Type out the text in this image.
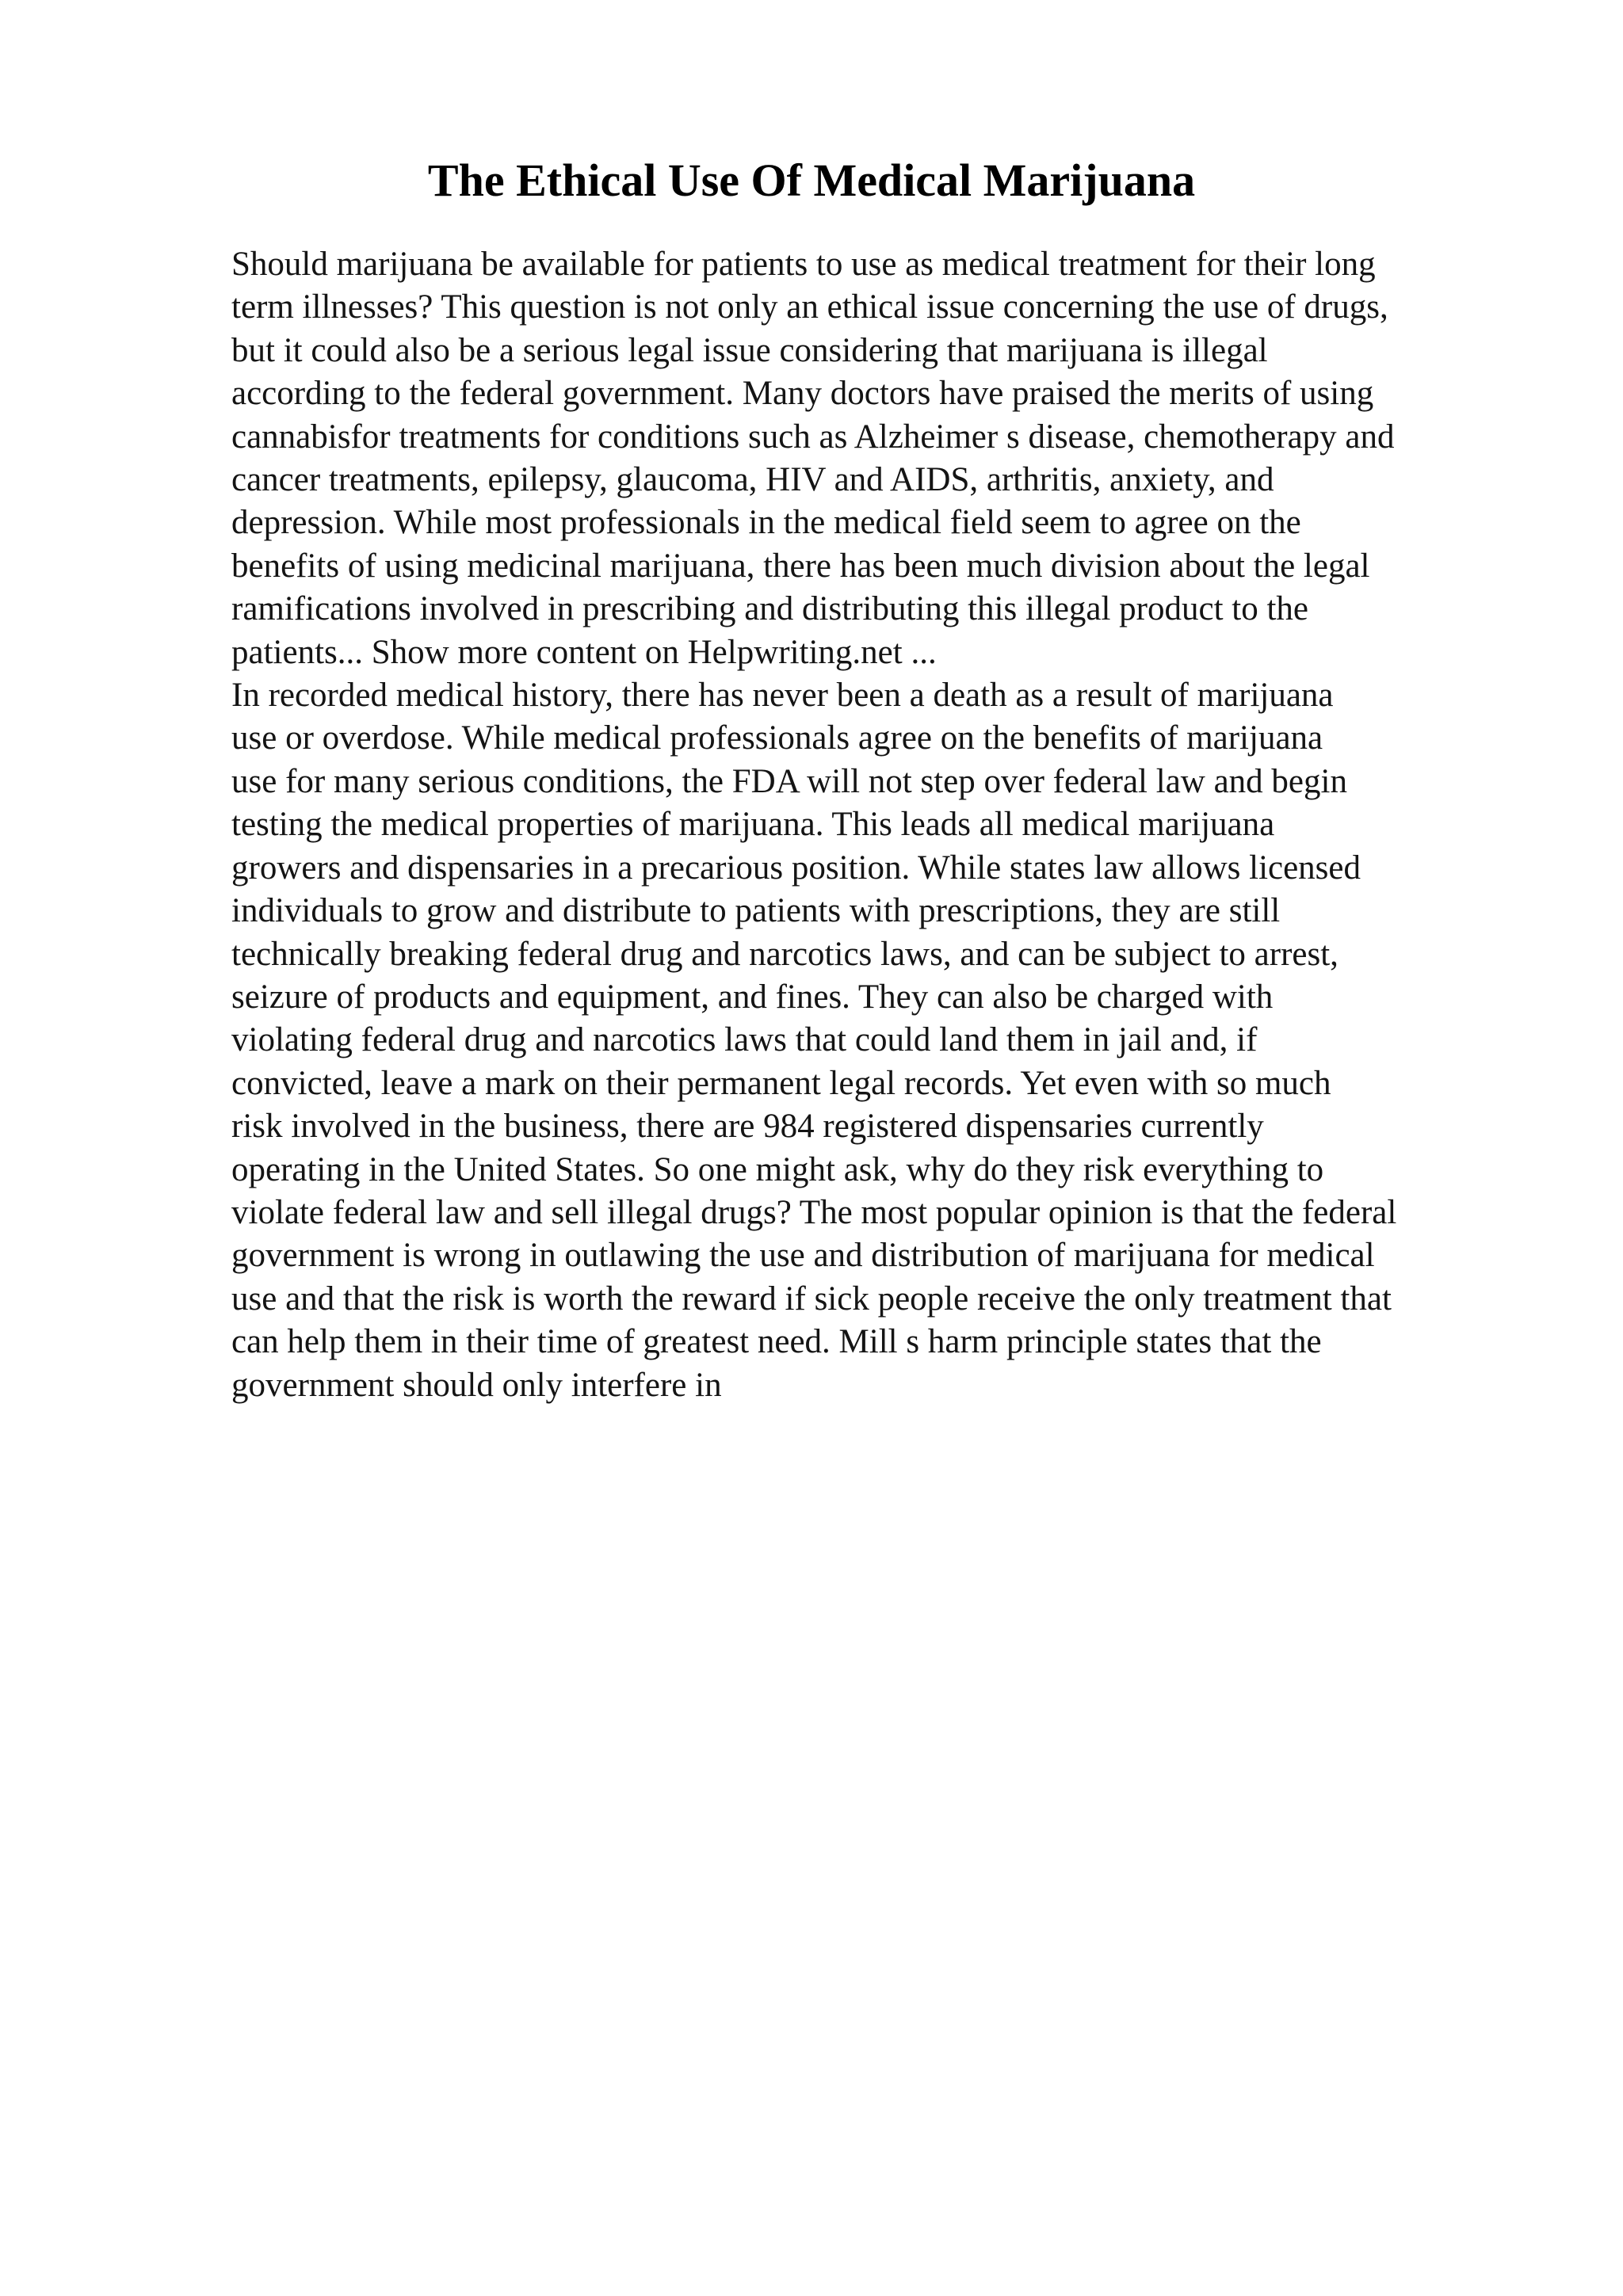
The Ethical Use Of Medical Marijuana
Should marijuana be available for patients to use as medical treatment for their long
term illnesses? This question is not only an ethical issue concerning the use of drugs,
but it could also be a serious legal issue considering that marijuana is illegal
according to the federal government. Many doctors have praised the merits of using
cannabisfor treatments for conditions such as Alzheimer s disease, chemotherapy and
cancer treatments, epilepsy, glaucoma, HIV and AIDS, arthritis, anxiety, and
depression. While most professionals in the medical field seem to agree on the
benefits of using medicinal marijuana, there has been much division about the legal
ramifications involved in prescribing and distributing this illegal product to the
patients... Show more content on Helpwriting.net ...
In recorded medical history, there has never been a death as a result of marijuana
use or overdose. While medical professionals agree on the benefits of marijuana
use for many serious conditions, the FDA will not step over federal law and begin
testing the medical properties of marijuana. This leads all medical marijuana
growers and dispensaries in a precarious position. While states law allows licensed
individuals to grow and distribute to patients with prescriptions, they are still
technically breaking federal drug and narcotics laws, and can be subject to arrest,
seizure of products and equipment, and fines. They can also be charged with
violating federal drug and narcotics laws that could land them in jail and, if
convicted, leave a mark on their permanent legal records. Yet even with so much
risk involved in the business, there are 984 registered dispensaries currently
operating in the United States. So one might ask, why do they risk everything to
violate federal law and sell illegal drugs? The most popular opinion is that the federal
government is wrong in outlawing the use and distribution of marijuana for medical
use and that the risk is worth the reward if sick people receive the only treatment that
can help them in their time of greatest need. Mill s harm principle states that the
government should only interfere in
